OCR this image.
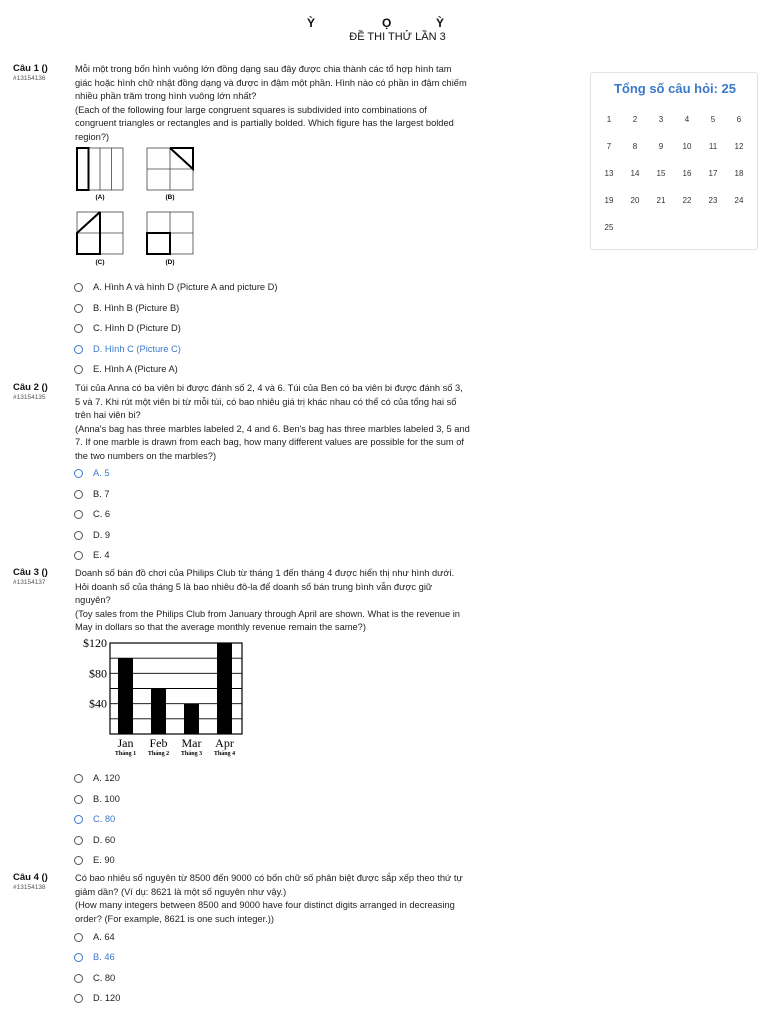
Ỳ	Ọ	Ỳ
ĐỀ THI THỬ LẦN 3
Câu 1 ()
#13154136

Mỗi một trong bốn hình vuông lớn đồng dạng sau đây được chia thành các tổ hợp hình tam giác hoặc hình chữ nhật đồng dạng và được in đậm một phần. Hình nào có phần in đậm chiếm nhiều phần trăm trong hình vuông lớn nhất?

(Each of the following four large congruent squares is subdivided into combinations of congruent triangles or rectangles and is partially bolded. Which figure has the largest bolded region?)

(A)	(B)
(C)	(D)
A. Hình A và hình D (Picture A and picture D)
B. Hình B (Picture B)
C. Hình D (Picture D)
D. Hình C (Picture C)
E. Hình A (Picture A)
Câu 2 ()
#13154135

Túi của Anna có ba viên bi được đánh số 2, 4 và 6. Túi của Ben có ba viên bi được đánh số 3, 5 và 7. Khi rút một viên bi từ mỗi túi, có bao nhiêu giá trị khác nhau có thể có của tổng hai số trên hai viên bi?

(Anna's bag has three marbles labeled 2, 4 and 6. Ben's bag has three marbles labeled 3, 5 and 7. If one marble is drawn from each bag, how many different values are possible for the sum of the two numbers on the marbles?)

A. 5
B. 7
C. 6
D. 9
E. 4
Câu 3 ()
#13154137

Doanh số bán đồ chơi của Philips Club từ tháng 1 đến tháng 4 được hiển thị như hình dưới. Hỏi doanh số của tháng 5 là bao nhiêu đô-la để doanh số bán trung bình vẫn được giữ nguyên?

(Toy sales from the Philips Club from January through April are shown. What is the revenue in May in dollars so that the average monthly revenue remain the same?)

$120
$80
$40
Jan
Tháng 1
Feb
Tháng 2
Mar
Tháng 3
Apr
Tháng 4
A. 120
B. 100
C. 80
D. 60
E. 90
Câu 4 ()
#13154138

Có bao nhiêu số nguyên từ 8500 đến 9000 có bốn chữ số phân biệt được sắp xếp theo thứ tự giảm dần? (Ví dụ: 8621 là một số nguyên như vậy.)

(How many integers between 8500 and 9000 have four distinct digits arranged in decreasing order? (For example, 8621 is one such integer.))

A. 64
B. 46
C. 80
D. 120
Tổng số câu hỏi: 25
1	2	3	4	5	6
7	8	9	10	11	12
13	14	15	16	17	18
19	20	21	22	23	24
25
